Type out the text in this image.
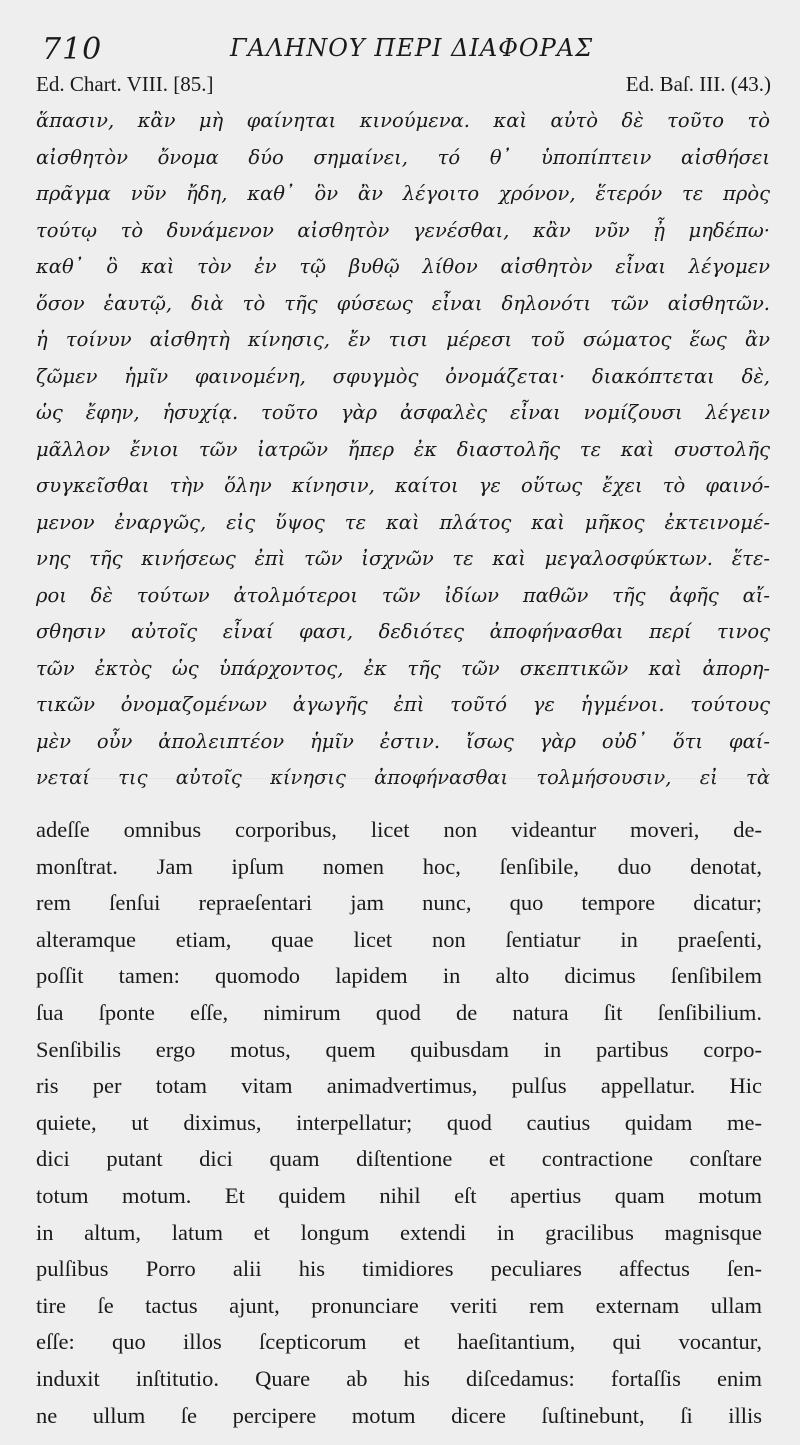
710	ΓΑΛΗΝΟΥ ΠΕΡΙ ΔΙΑΦΟΡΑΣ
Ed. Chart. VIII. [85.]	Ed. Baſ. III. (43.)
ἅπασιν, κἂν μὴ φαίνηται κινούμενα. καὶ αὐτὸ δὲ τοῦτο τὸ
αἰσθητὸν ὄνομα δύο σημαίνει, τό θ᾽ ὑποπίπτειν αἰσθήσει
πρᾶγμα νῦν ἤδη, καθ᾽ ὃν ἂν λέγοιτο χρόνον, ἕτερόν τε πρὸς
τούτῳ τὸ δυνάμενον αἰσθητὸν γενέσθαι, κἂν νῦν ᾖ μηδέπω·
καθ᾽ ὃ καὶ τὸν ἐν τῷ βυθῷ λίθον αἰσθητὸν εἶναι λέγομεν
ὅσον ἑαυτῷ, διὰ τὸ τῆς φύσεως εἶναι δηλονότι τῶν αἰσθητῶν.
ἡ τοίνυν αἰσθητὴ κίνησις, ἔν τισι μέρεσι τοῦ σώματος ἕως ἂν
ζῶμεν ἡμῖν φαινομένη, σφυγμὸς ὀνομάζεται· διακόπτεται δὲ,
ὡς ἔφην, ἡσυχίᾳ. τοῦτο γὰρ ἀσφαλὲς εἶναι νομίζουσι λέγειν
μᾶλλον ἔνιοι τῶν ἰατρῶν ἤπερ ἐκ διαστολῆς τε καὶ συστολῆς
συγκεῖσθαι τὴν ὅλην κίνησιν, καίτοι γε οὕτως ἔχει τὸ φαινό-
μενον ἐναργῶς, εἰς ὕψος τε καὶ πλάτος καὶ μῆκος ἐκτεινομέ-
νης τῆς κινήσεως ἐπὶ τῶν ἰσχνῶν τε καὶ μεγαλοσφύκτων. ἕτε-
ροι δὲ τούτων ἀτολμότεροι τῶν ἰδίων παθῶν τῆς ἀφῆς αἴ-
σθησιν αὐτοῖς εἶναί φασι, δεδιότες ἀποφήνασθαι περί τινος
τῶν ἐκτὸς ὡς ὑπάρχοντος, ἐκ τῆς τῶν σκεπτικῶν καὶ ἀπορη-
τικῶν ὀνομαζομένων ἀγωγῆς ἐπὶ τοῦτό γε ἡγμένοι. τούτους
μὲν οὖν ἀπολειπτέον ἡμῖν ἐστιν. ἴσως γὰρ οὐδ᾽ ὅτι φαί-
νεταί τις αὐτοῖς κίνησις ἀποφήνασθαι τολμήσουσιν, εἰ τὰ
adeſſe omnibus corporibus, licet non videantur moveri, de-
monſtrat. Jam ipſum nomen hoc, ſenſibile, duo denotat,
rem ſenſui repraeſentari jam nunc, quo tempore dicatur;
alteramque etiam, quae licet non ſentiatur in praeſenti,
poſſit tamen: quomodo lapidem in alto dicimus ſenſibilem
ſua ſponte eſſe, nimirum quod de natura ſit ſenſibilium.
Senſibilis ergo motus, quem quibusdam in partibus corpo-
ris per totam vitam animadvertimus, pulſus appellatur. Hic
quiete, ut diximus, interpellatur; quod cautius quidam me-
dici putant dici quam diſtentione et contractione conſtare
totum motum. Et quidem nihil eſt apertius quam motum
in altum, latum et longum extendi in gracilibus magnisque
pulſibus Porro alii his timidiores peculiares affectus ſen-
tire ſe tactus ajunt, pronunciare veriti rem externam ullam
eſſe: quo illos ſcepticorum et haeſitantium, qui vocantur,
induxit inſtitutio. Quare ab his diſcedamus: fortaſſis enim
ne ullum ſe percipere motum dicere ſuſtinebunt, ſi illis
